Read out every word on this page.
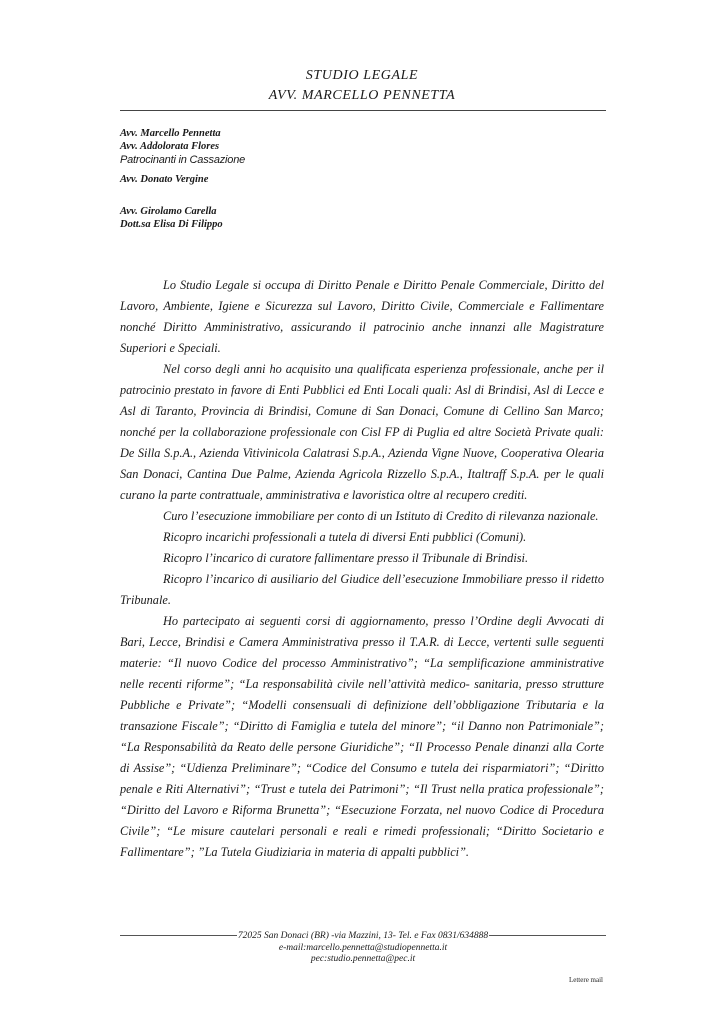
STUDIO LEGALE
AVV. MARCELLO PENNETTA
Avv. Marcello Pennetta
Avv. Addolorata Flores
Patrocinanti in Cassazione
Avv. Donato Vergine
Avv. Girolamo Carella
Dott.sa Elisa Di Filippo

Lo Studio Legale si occupa di Diritto Penale e Diritto Penale Commerciale, Diritto del Lavoro, Ambiente, Igiene e Sicurezza sul Lavoro, Diritto Civile, Commerciale e Fallimentare nonché Diritto Amministrativo, assicurando il patrocinio anche innanzi alle Magistrature Superiori e Speciali.

Nel corso degli anni ho acquisito una qualificata esperienza professionale, anche per il patrocinio prestato in favore di Enti Pubblici ed Enti Locali quali: Asl di Brindisi, Asl di Lecce e Asl di Taranto, Provincia di Brindisi, Comune di San Donaci, Comune di Cellino San Marco; nonché per la collaborazione professionale con Cisl FP di Puglia ed altre Società Private quali: De Silla S.p.A., Azienda Vitivinicola Calatrasi S.p.A., Azienda Vigne Nuove, Cooperativa Olearia San Donaci, Cantina Due Palme, Azienda Agricola Rizzello S.p.A., Italtraff S.p.A. per le quali curano la parte contrattuale, amministrativa e lavoristica oltre al recupero crediti.

Curo l’esecuzione immobiliare per conto di un Istituto di Credito di rilevanza nazionale.

Ricopro incarichi professionali a tutela di diversi Enti pubblici (Comuni).

Ricopro l’incarico di curatore fallimentare presso il Tribunale di Brindisi.

Ricopro l’incarico di ausiliario del Giudice dell’esecuzione Immobiliare presso il ridetto Tribunale.

Ho partecipato ai seguenti corsi di aggiornamento, presso l’Ordine degli Avvocati di Bari, Lecce, Brindisi e Camera Amministrativa presso il T.A.R. di Lecce, vertenti sulle seguenti materie: “Il nuovo Codice del processo Amministrativo”; “La semplificazione amministrative nelle recenti riforme”; “La responsabilità civile nell’attività medico- sanitaria, presso strutture Pubbliche e Private”; “Modelli consensuali di definizione dell’obbligazione Tributaria e la transazione Fiscale”; “Diritto di Famiglia e tutela del minore”; “il Danno non Patrimoniale”; “La Responsabilità da Reato delle persone Giuridiche”; “Il Processo Penale dinanzi alla Corte di Assise”; “Udienza Preliminare”; “Codice del Consumo e tutela dei risparmiatori”; “Diritto penale e Riti Alternativi”; “Trust e tutela dei Patrimoni”; “Il Trust nella pratica professionale”; “Diritto del Lavoro e Riforma Brunetta”; “Esecuzione Forzata, nel nuovo Codice di Procedura Civile”; “Le misure cautelari personali e reali e rimedi professionali; “Diritto Societario e Fallimentare”; ”La Tutela Giudiziaria in materia di appalti pubblici”.

72025 San Donaci (BR) -via Mazzini, 13- Tel. e Fax 0831/634888
e-mail:marcello.pennetta@studiopennetta.it
pec:studio.pennetta@pec.it
Lettere mail
